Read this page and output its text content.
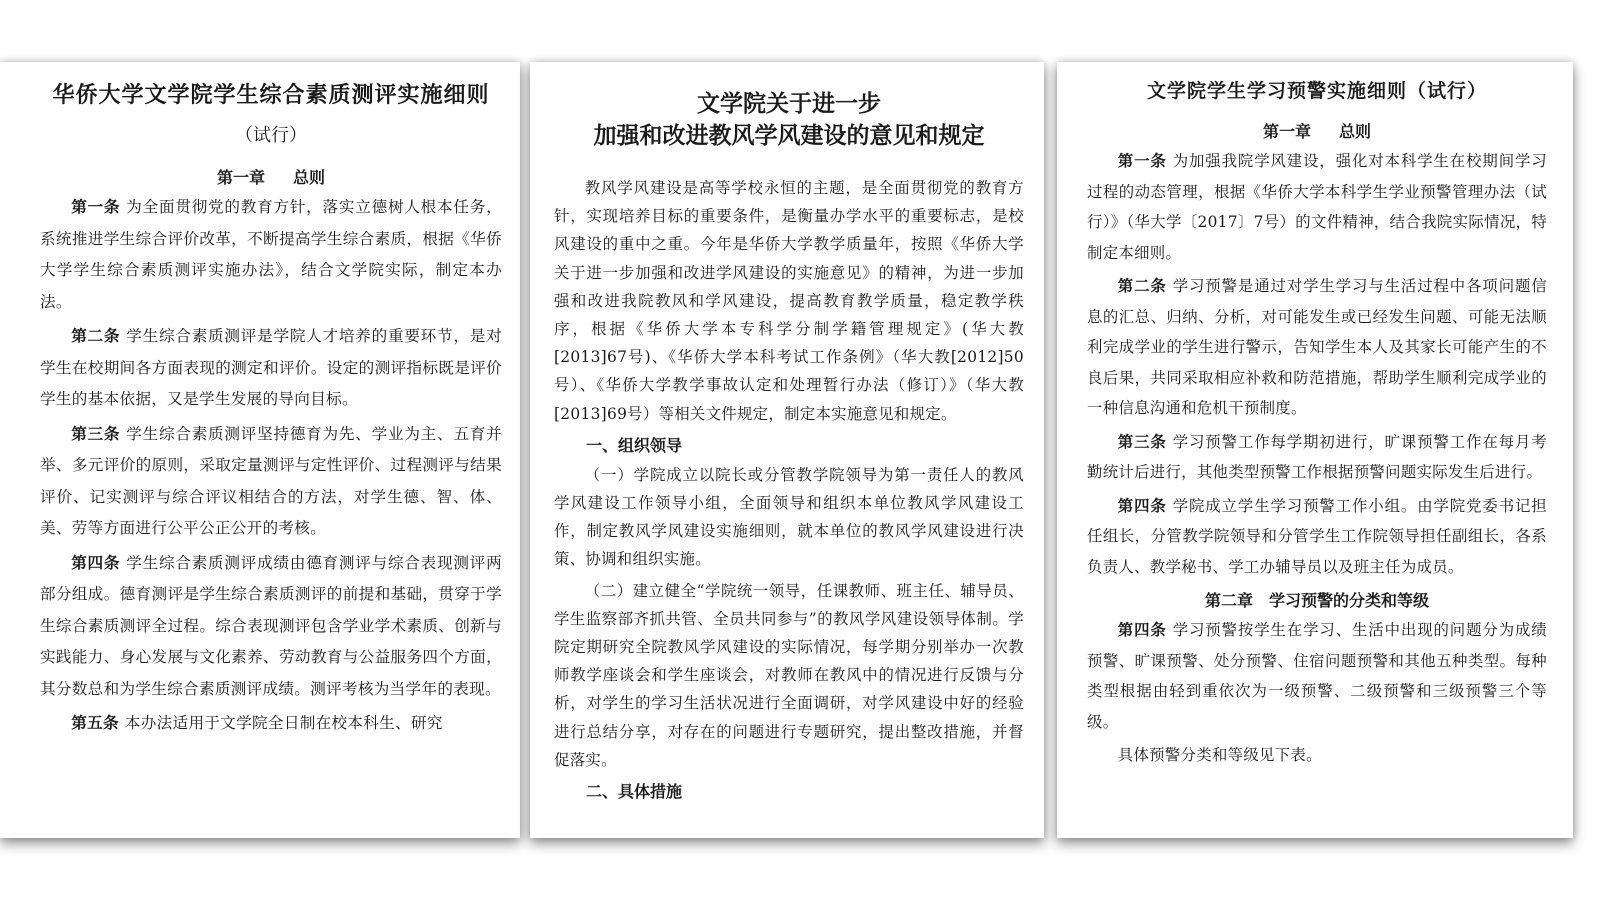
华侨大学文学院学生综合素质测评实施细则
（试行）
第一章 总则

第一条 为全面贯彻党的教育方针，落实立德树人根本任务，系统推进学生综合评价改革，不断提高学生综合素质，根据《华侨大学学生综合素质测评实施办法》，结合文学院实际，制定本办法。

第二条 学生综合素质测评是学院人才培养的重要环节，是对学生在校期间各方面表现的测定和评价。设定的测评指标既是评价学生的基本依据，又是学生发展的导向目标。

第三条 学生综合素质测评坚持德育为先、学业为主、五育并举、多元评价的原则，采取定量测评与定性评价、过程测评与结果评价、记实测评与综合评议相结合的方法，对学生德、智、体、美、劳等方面进行公平公正公开的考核。

第四条 学生综合素质测评成绩由德育测评与综合表现测评两部分组成。德育测评是学生综合素质测评的前提和基础，贯穿于学生综合素质测评全过程。综合表现测评包含学业学术素质、创新与实践能力、身心发展与文化素养、劳动教育与公益服务四个方面，其分数总和为学生综合素质测评成绩。测评考核为当学年的表现。

第五条 本办法适用于文学院全日制在校本科生、研究

文学院关于进一步
加强和改进教风学风建设的意见和规定

教风学风建设是高等学校永恒的主题，是全面贯彻党的教育方针，实现培养目标的重要条件，是衡量办学水平的重要标志，是校风建设的重中之重。今年是华侨大学教学质量年，按照《华侨大学关于进一步加强和改进学风建设的实施意见》的精神，为进一步加强和改进我院教风和学风建设，提高教育教学质量，稳定教学秩序，根据《华侨大学本专科学分制学籍管理规定》(华大教[2013]67号)、《华侨大学本科考试工作条例》（华大教[2012]50号）、《华侨大学教学事故认定和处理暂行办法（修订）》（华大教[2013]69号）等相关文件规定，制定本实施意见和规定。

一、组织领导

（一）学院成立以院长或分管教学院领导为第一责任人的教风学风建设工作领导小组，全面领导和组织本单位教风学风建设工作，制定教风学风建设实施细则，就本单位的教风学风建设进行决策、协调和组织实施。

（二）建立健全“学院统一领导，任课教师、班主任、辅导员、学生监察部齐抓共管、全员共同参与”的教风学风建设领导体制。学院定期研究全院教风学风建设的实际情况，每学期分别举办一次教师教学座谈会和学生座谈会，对教师在教风中的情况进行反馈与分析，对学生的学习生活状况进行全面调研，对学风建设中好的经验进行总结分享，对存在的问题进行专题研究，提出整改措施，并督促落实。

二、具体措施
文学院学生学习预警实施细则（试行）
第一章 总则

第一条 为加强我院学风建设，强化对本科学生在校期间学习过程的动态管理，根据《华侨大学本科学生学业预警管理办法（试行）》（华大学〔2017〕7号）的文件精神，结合我院实际情况，特制定本细则。

第二条 学习预警是通过对学生学习与生活过程中各项问题信息的汇总、归纳、分析，对可能发生或已经发生问题、可能无法顺利完成学业的学生进行警示，告知学生本人及其家长可能产生的不良后果，共同采取相应补救和防范措施，帮助学生顺利完成学业的一种信息沟通和危机干预制度。

第三条 学习预警工作每学期初进行，旷课预警工作在每月考勤统计后进行，其他类型预警工作根据预警问题实际发生后进行。

第四条 学院成立学生学习预警工作小组。由学院党委书记担任组长，分管教学院领导和分管学生工作院领导担任副组长，各系负责人、教学秘书、学工办辅导员以及班主任为成员。

第二章　学习预警的分类和等级

第四条 学习预警按学生在学习、生活中出现的问题分为成绩预警、旷课预警、处分预警、住宿问题预警和其他五种类型。每种类型根据由轻到重依次为一级预警、二级预警和三级预警三个等级。

具体预警分类和等级见下表。
